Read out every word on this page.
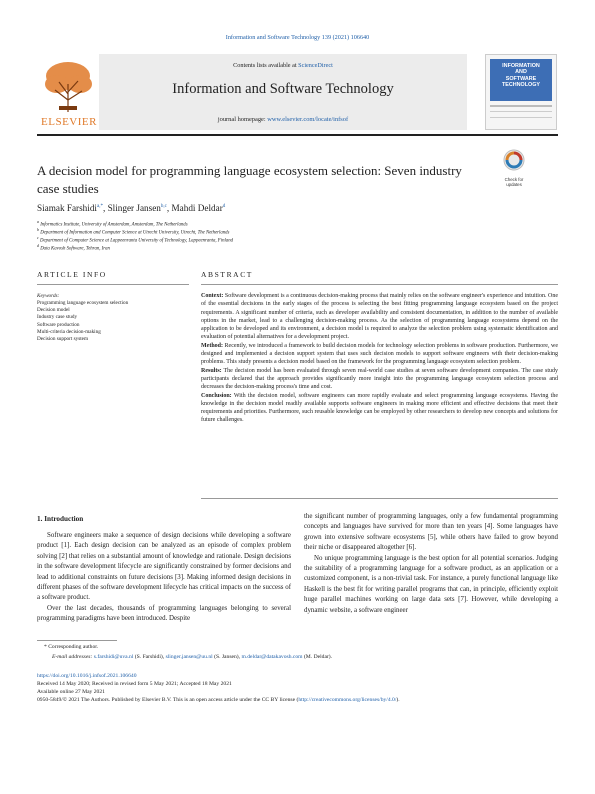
Information and Software Technology 139 (2021) 106640
ELSEVIER
Contents lists available at ScienceDirect
Information and Software Technology
journal homepage: www.elsevier.com/locate/infsof
INFORMATION
AND
SOFTWARE
TECHNOLOGY
A decision model for programming language ecosystem selection: Seven industry case studies
Check for updates
Siamak Farshidi$^{a,*}$, Slinger Jansen$^{b,c}$, Mahdi Deldar$^d$
$^a$ Informatics Institute, University of Amsterdam, Amsterdam, The Netherlands
$^b$ Department of Information and Computer Science at Utrecht University, Utrecht, The Netherlands
$^c$ Department of Computer Science at Lappeenranta University of Technology, Lappeenranta, Finland
$^d$ Data Kavosh Software, Tehran, Iran
ARTICLE INFO	ABSTRACT
Keywords:
Programming language ecosystem selection
Decision model
Industry case study
Software production
Multi-criteria decision-making
Decision support system

Context: Software development is a continuous decision-making process that mainly relies on the software engineer's experience and intuition. One of the essential decisions in the early stages of the process is selecting the best fitting programming language ecosystem based on the project requirements. A significant number of criteria, such as developer availability and consistent documentation, in addition to the number of available options in the market, lead to a challenging decision-making process. As the selection of programming language ecosystems depend on the application to be developed and its environment, a decision model is required to analyze the selection problem using systematic identification and evaluation of potential alternatives for a development project.

Method: Recently, we introduced a framework to build decision models for technology selection problems in software production. Furthermore, we designed and implemented a decision support system that uses such decision models to support software engineers with their decision-making problems. This study presents a decision model based on the framework for the programming language ecosystem selection problem.

Results: The decision model has been evaluated through seven real-world case studies at seven software development companies. The case study participants declared that the approach provides significantly more insight into the programming language ecosystem selection process and decreases the decision-making process's time and cost.

Conclusion: With the decision model, software engineers can more rapidly evaluate and select programming language ecosystems. Having the knowledge in the decision model readily available supports software engineers in making more efficient and effective decisions that meet their requirements and priorities. Furthermore, such reusable knowledge can be employed by other researchers to develop new concepts and solutions for future challenges.

1. Introduction

Software engineers make a sequence of design decisions while developing a software product [1]. Each design decision can be analyzed as an episode of complex problem solving [2] that relies on a substantial amount of knowledge and rationale. Design decisions in the software development lifecycle are significantly constrained by former decisions and lead to additional constraints on future decisions [3]. Making informed design decisions in different phases of the software development lifecycle has critical impacts on the success of a software product.

Over the last decades, thousands of programming languages belonging to several programming paradigms have been introduced. Despite

the significant number of programming languages, only a few fundamental programming concepts and languages have survived for more than ten years [4]. Some languages have grown into extensive software ecosystems [5], while others have failed to grow beyond their niche or disappeared altogether [6].

No unique programming language is the best option for all potential scenarios. Judging the suitability of a programming language for a software product, as an application or a customized component, is a non-trivial task. For instance, a purely functional language like Haskell is the best fit for writing parallel programs that can, in principle, efficiently exploit huge parallel machines working on large data sets [7]. However, while developing a dynamic website, a software engineer

* Corresponding author.
E-mail addresses: s.farshidi@uva.nl (S. Farshidi), slinger.jansen@uu.nl (S. Jansen), m.deldar@datakavosh.com (M. Deldar).
https://doi.org/10.1016/j.infsof.2021.106640
Received 14 May 2020; Received in revised form 5 May 2021; Accepted 18 May 2021
Available online 27 May 2021
0950-5849/© 2021 The Authors. Published by Elsevier B.V. This is an open access article under the CC BY license (http://creativecommons.org/licenses/by/4.0/).
